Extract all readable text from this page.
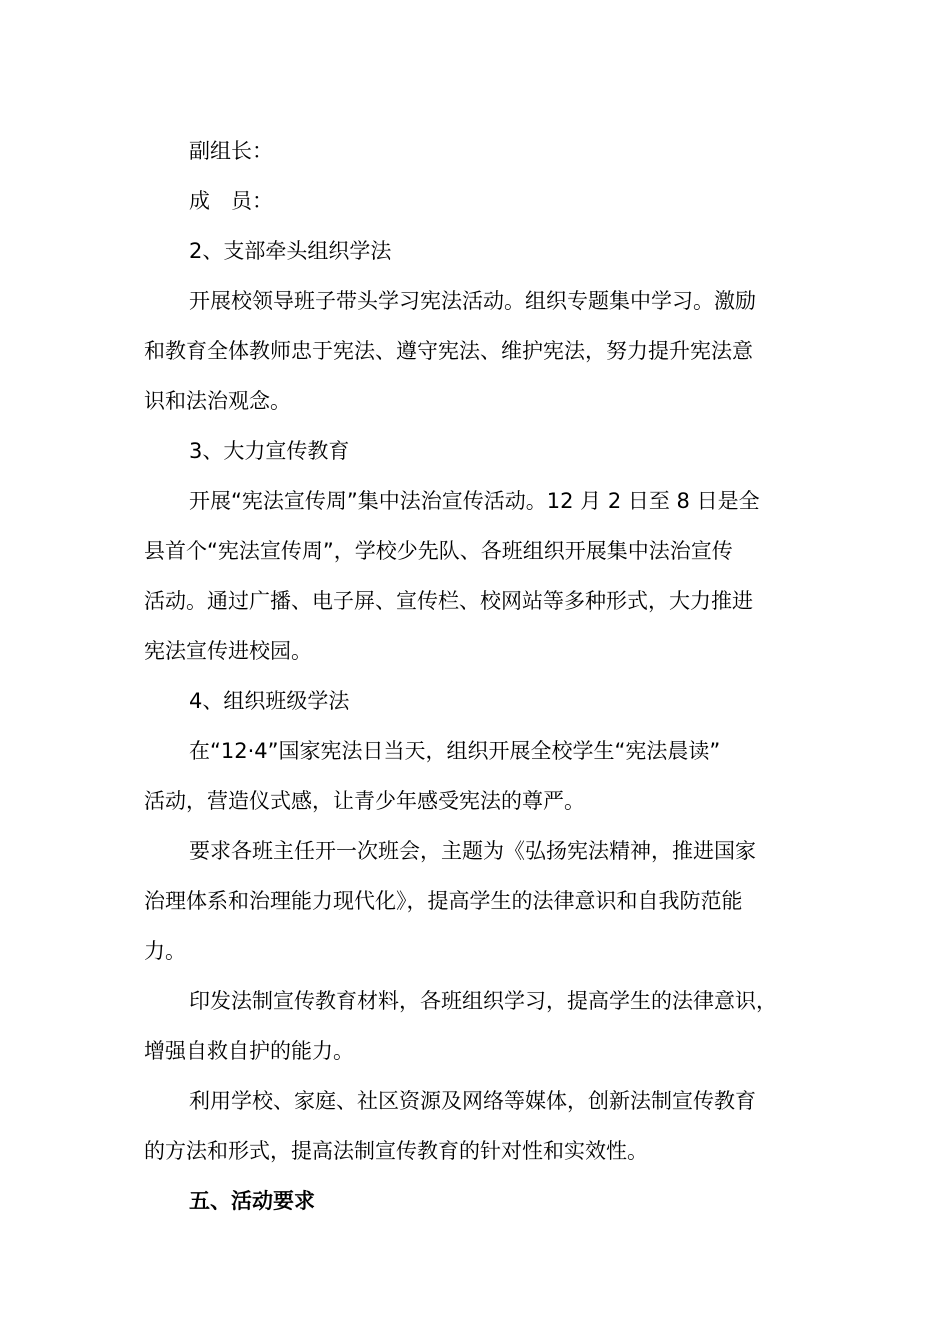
副组长：
成　员：
2、支部牵头组织学法
开展校领导班子带头学习宪法活动。组织专题集中学习。激励
和教育全体教师忠于宪法、遵守宪法、维护宪法，努力提升宪法意
识和法治观念。
3、大力宣传教育
开展“宪法宣传周”集中法治宣传活动。12 月 2 日至 8 日是全
县首个“宪法宣传周”，学校少先队、各班组织开展集中法治宣传
活动。通过广播、电子屏、宣传栏、校网站等多种形式，大力推进
宪法宣传进校园。
4、组织班级学法
在“12·4”国家宪法日当天，组织开展全校学生“宪法晨读”
活动，营造仪式感，让青少年感受宪法的尊严。
要求各班主任开一次班会，主题为《弘扬宪法精神，推进国家
治理体系和治理能力现代化》，提高学生的法律意识和自我防范能
力。
印发法制宣传教育材料，各班组织学习，提高学生的法律意识，
增强自救自护的能力。
利用学校、家庭、社区资源及网络等媒体，创新法制宣传教育
的方法和形式，提高法制宣传教育的针对性和实效性。
五、活动要求
